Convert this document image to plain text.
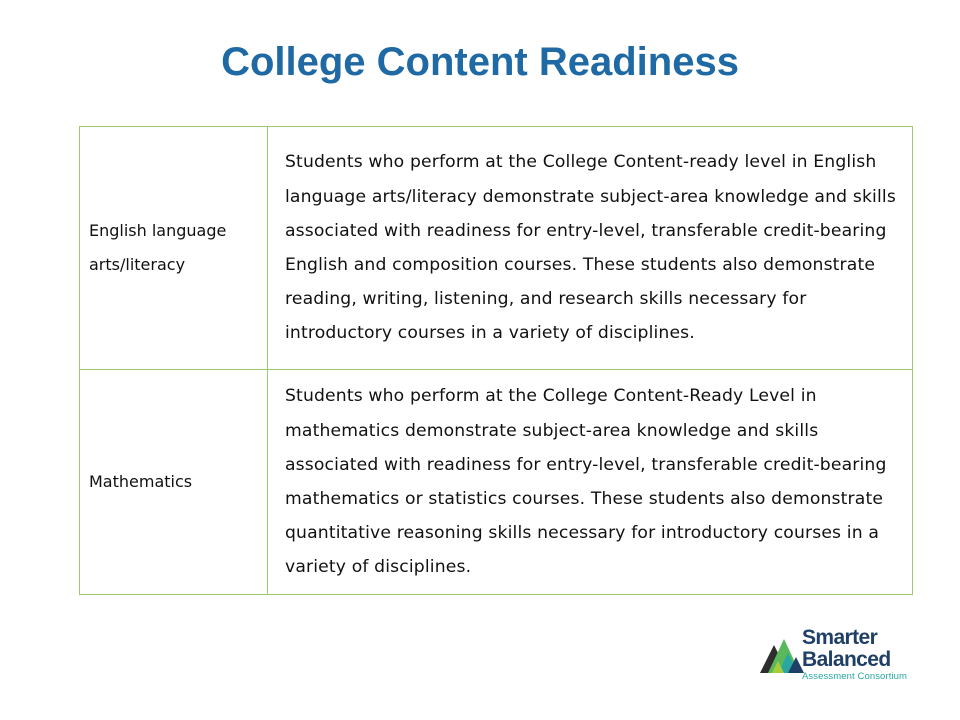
College Content Readiness
English language arts/literacy	Students who perform at the College Content-ready level in English language arts/literacy demonstrate subject-area knowledge and skills associated with readiness for entry-level, transferable credit-bearing English and composition courses. These students also demonstrate reading, writing, listening, and research skills necessary for introductory courses in a variety of disciplines.
Mathematics	Students who perform at the College Content-Ready Level in mathematics demonstrate subject-area knowledge and skills associated with readiness for entry-level, transferable credit-bearing mathematics or statistics courses. These students also demonstrate quantitative reasoning skills necessary for introductory courses in a variety of disciplines.
Smarter
Balanced
Assessment Consortium
